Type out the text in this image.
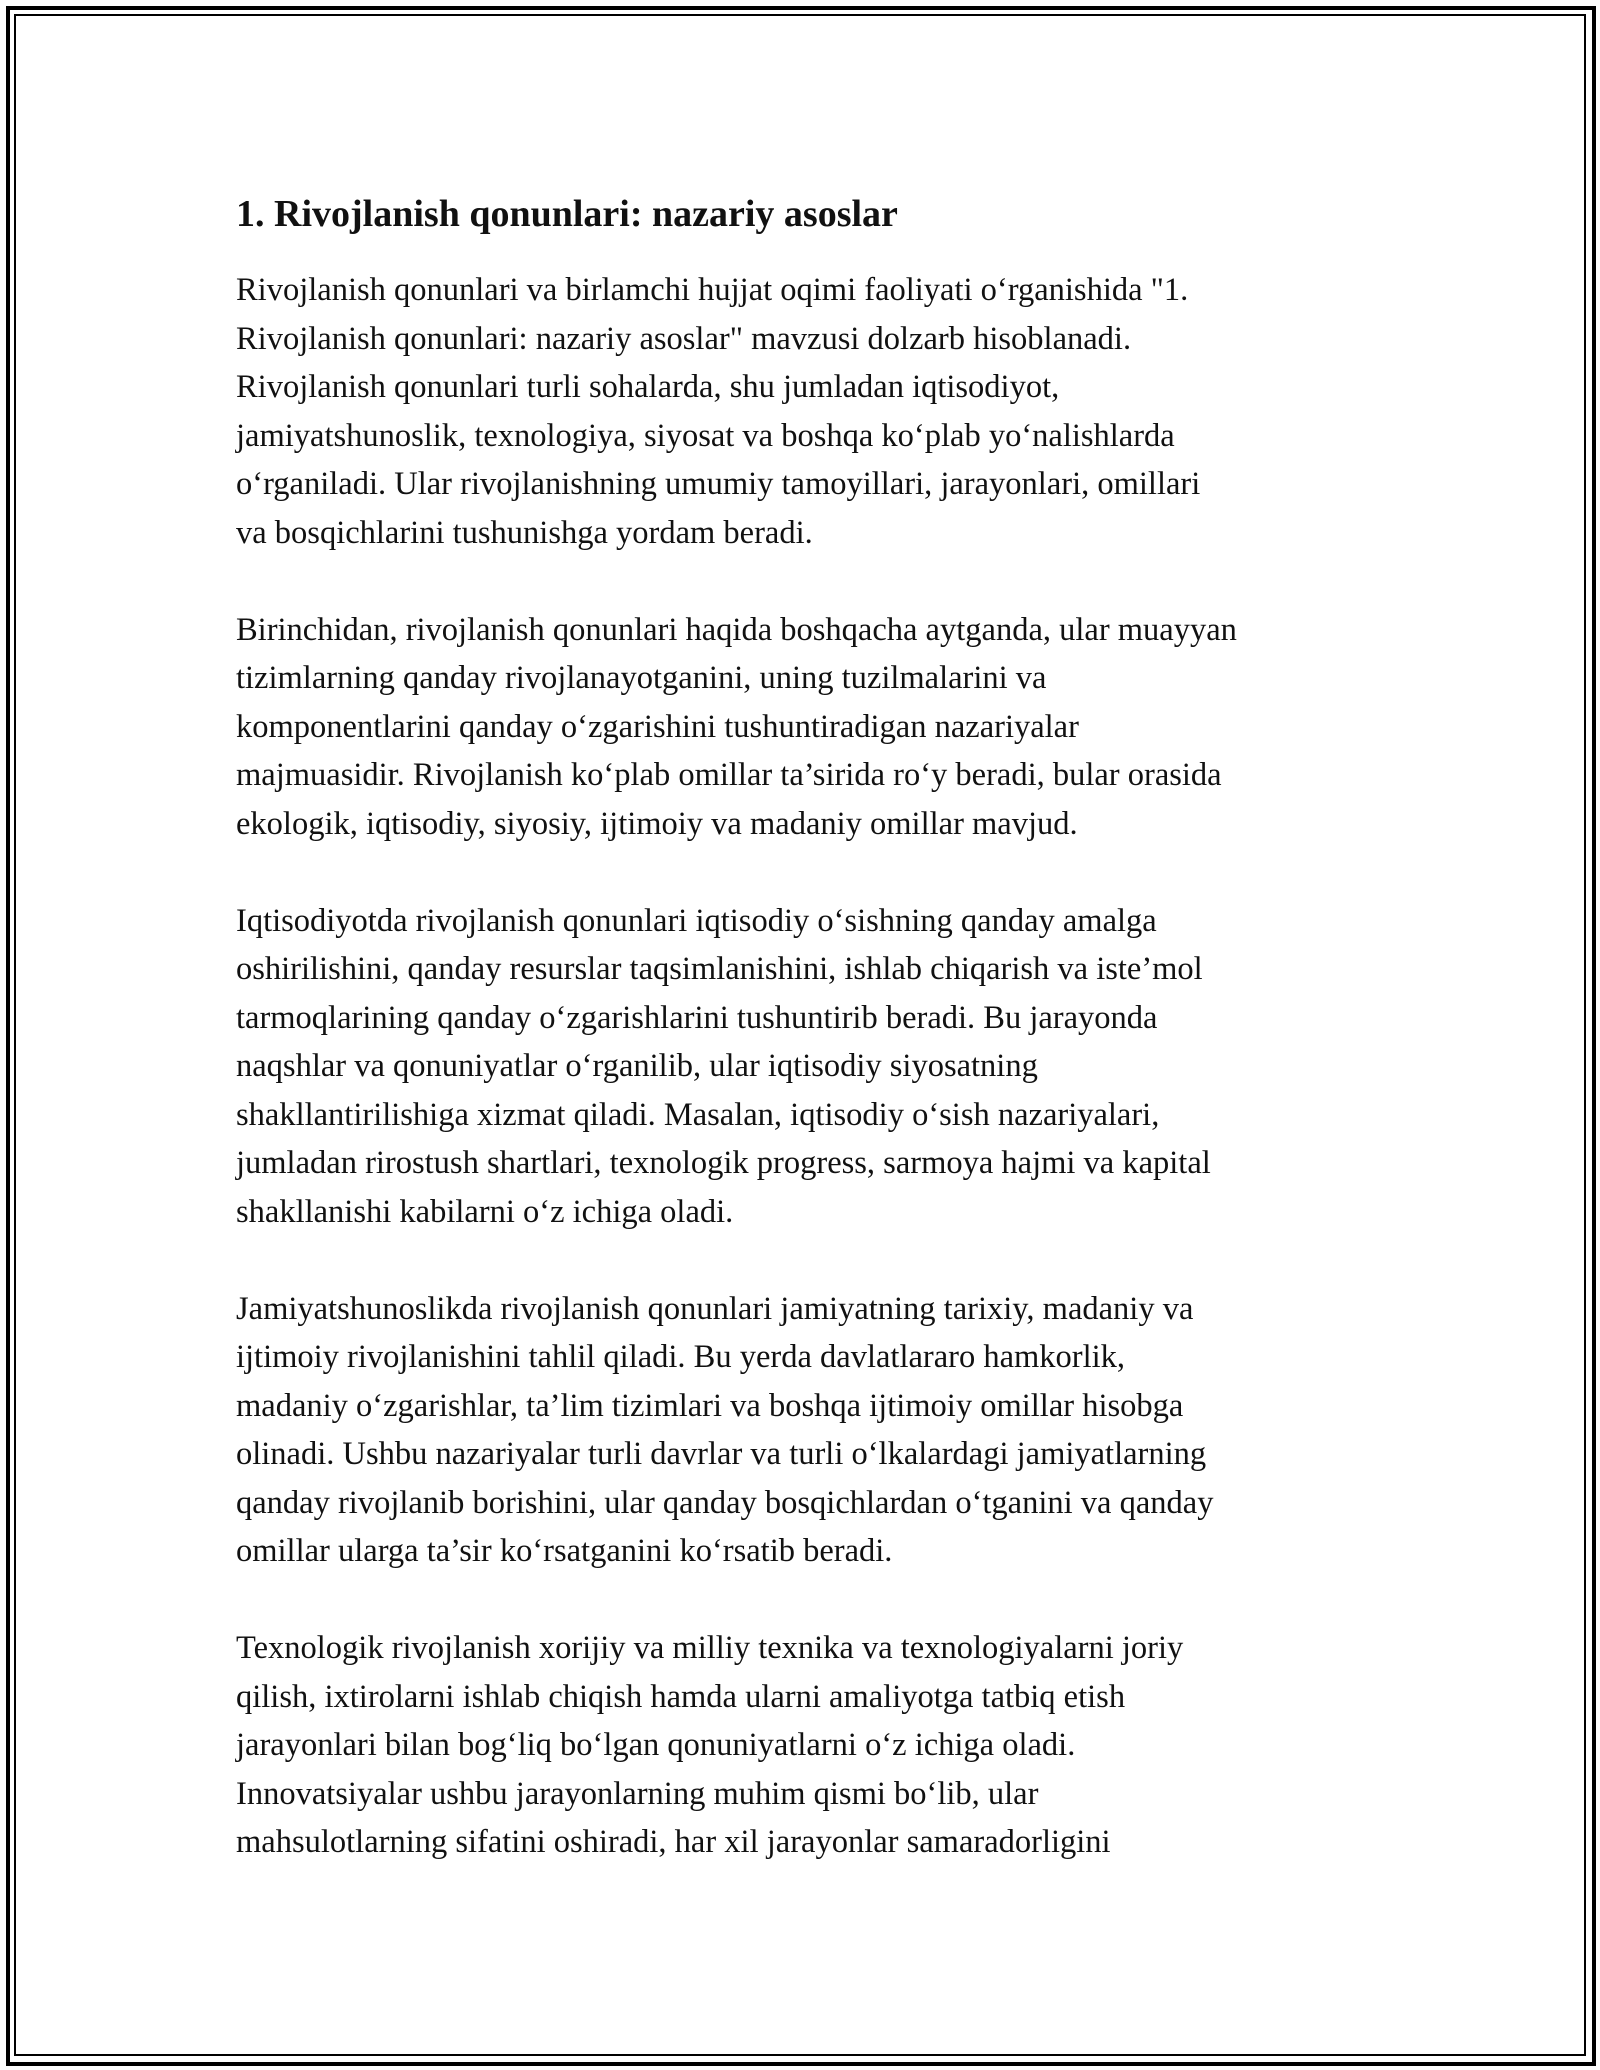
1. Rivojlanish qonunlari: nazariy asoslar

Rivojlanish qonunlari va birlamchi hujjat oqimi faoliyati o‘rganishida "1.
Rivojlanish qonunlari: nazariy asoslar" mavzusi dolzarb hisoblanadi.
Rivojlanish qonunlari turli sohalarda, shu jumladan iqtisodiyot,
jamiyatshunoslik, texnologiya, siyosat va boshqa ko‘plab yo‘nalishlarda
o‘rganiladi. Ular rivojlanishning umumiy tamoyillari, jarayonlari, omillari
va bosqichlarini tushunishga yordam beradi.

Birinchidan, rivojlanish qonunlari haqida boshqacha aytganda, ular muayyan
tizimlarning qanday rivojlanayotganini, uning tuzilmalarini va
komponentlarini qanday o‘zgarishini tushuntiradigan nazariyalar
majmuasidir. Rivojlanish ko‘plab omillar ta’sirida ro‘y beradi, bular orasida
ekologik, iqtisodiy, siyosiy, ijtimoiy va madaniy omillar mavjud.

Iqtisodiyotda rivojlanish qonunlari iqtisodiy o‘sishning qanday amalga
oshirilishini, qanday resurslar taqsimlanishini, ishlab chiqarish va iste’mol
tarmoqlarining qanday o‘zgarishlarini tushuntirib beradi. Bu jarayonda
naqshlar va qonuniyatlar o‘rganilib, ular iqtisodiy siyosatning
shakllantirilishiga xizmat qiladi. Masalan, iqtisodiy o‘sish nazariyalari,
jumladan rirostush shartlari, texnologik progress, sarmoya hajmi va kapital
shakllanishi kabilarni o‘z ichiga oladi.

Jamiyatshunoslikda rivojlanish qonunlari jamiyatning tarixiy, madaniy va
ijtimoiy rivojlanishini tahlil qiladi. Bu yerda davlatlararo hamkorlik,
madaniy o‘zgarishlar, ta’lim tizimlari va boshqa ijtimoiy omillar hisobga
olinadi. Ushbu nazariyalar turli davrlar va turli o‘lkalardagi jamiyatlarning
qanday rivojlanib borishini, ular qanday bosqichlardan o‘tganini va qanday
omillar ularga ta’sir ko‘rsatganini ko‘rsatib beradi.

Texnologik rivojlanish xorijiy va milliy texnika va texnologiyalarni joriy
qilish, ixtirolarni ishlab chiqish hamda ularni amaliyotga tatbiq etish
jarayonlari bilan bog‘liq bo‘lgan qonuniyatlarni o‘z ichiga oladi.
Innovatsiyalar ushbu jarayonlarning muhim qismi bo‘lib, ular
mahsulotlarning sifatini oshiradi, har xil jarayonlar samaradorligini
